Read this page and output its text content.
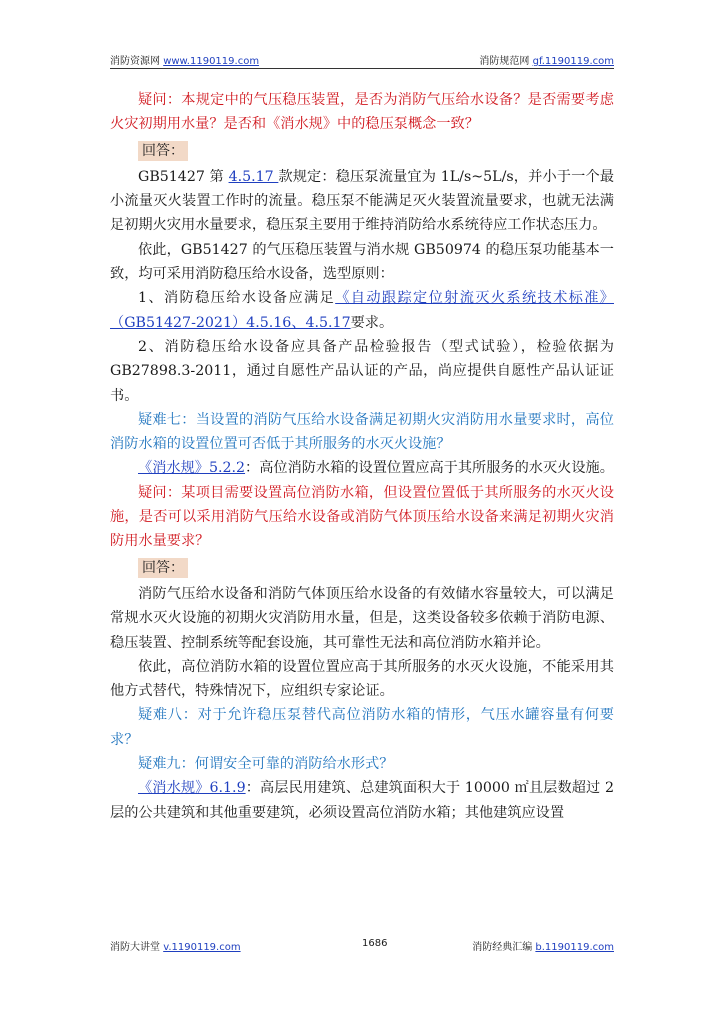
消防资源网 www.1190119.com	消防规范网 gf.1190119.com

疑问：本规定中的气压稳压装置，是否为消防气压给水设备？是否需要考虑火灾初期用水量？是否和《消水规》中的稳压泵概念一致？

回答：

GB51427 第 4.5.17 款规定：稳压泵流量宜为 1L/s~5L/s，并小于一个最小流量灭火装置工作时的流量。稳压泵不能满足灭火装置流量要求，也就无法满足初期火灾用水量要求，稳压泵主要用于维持消防给水系统待应工作状态压力。

依此，GB51427 的气压稳压装置与消水规 GB50974 的稳压泵功能基本一致，均可采用消防稳压给水设备，选型原则：

1、消防稳压给水设备应满足《自动跟踪定位射流灭火系统技术标准》（GB51427-2021）4.5.16、4.5.17要求。

2、消防稳压给水设备应具备产品检验报告（型式试验），检验依据为 GB27898.3-2011，通过自愿性产品认证的产品，尚应提供自愿性产品认证证书。

疑难七：当设置的消防气压给水设备满足初期火灾消防用水量要求时，高位消防水箱的设置位置可否低于其所服务的水灭火设施？

《消水规》5.2.2：高位消防水箱的设置位置应高于其所服务的水灭火设施。

疑问：某项目需要设置高位消防水箱，但设置位置低于其所服务的水灭火设施，是否可以采用消防气压给水设备或消防气体顶压给水设备来满足初期火灾消防用水量要求？

回答：

消防气压给水设备和消防气体顶压给水设备的有效储水容量较大，可以满足常规水灭火设施的初期火灾消防用水量，但是，这类设备较多依赖于消防电源、稳压装置、控制系统等配套设施，其可靠性无法和高位消防水箱并论。

依此，高位消防水箱的设置位置应高于其所服务的水灭火设施，不能采用其他方式替代，特殊情况下，应组织专家论证。

疑难八：对于允许稳压泵替代高位消防水箱的情形，气压水罐容量有何要求？

疑难九：何谓安全可靠的消防给水形式？

《消水规》6.1.9：高层民用建筑、总建筑面积大于 10000 ㎡且层数超过 2 层的公共建筑和其他重要建筑，必须设置高位消防水箱；其他建筑应设置

消防大讲堂 v.1190119.com	1686	消防经典汇编 b.1190119.com
